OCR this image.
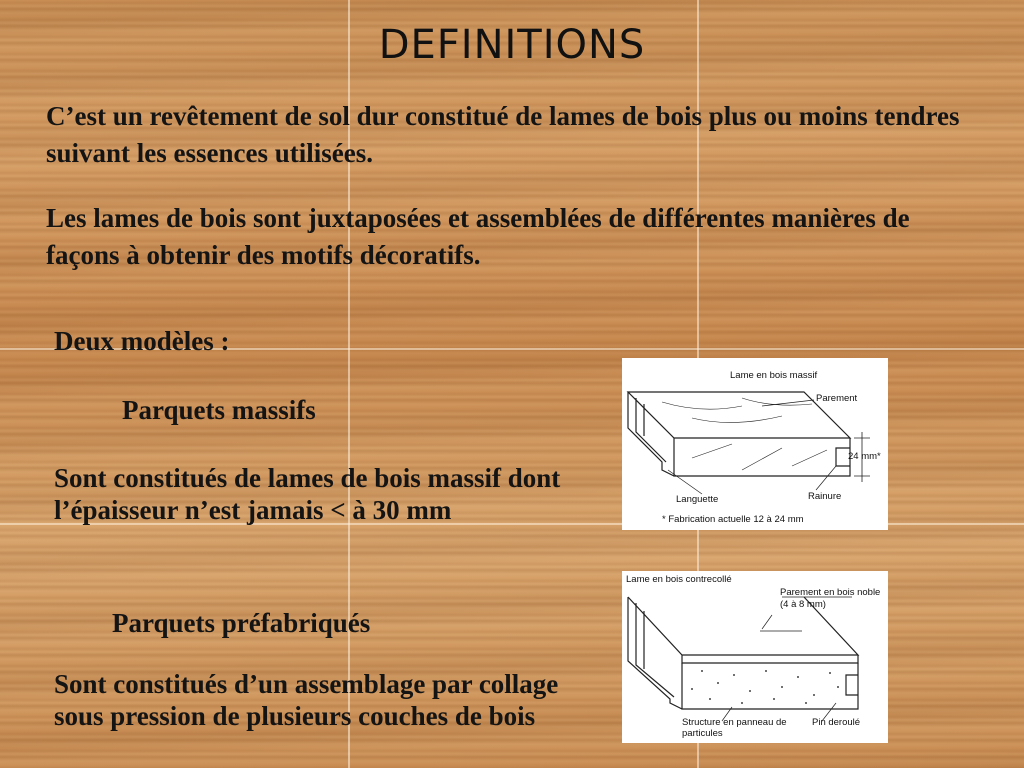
DEFINITIONS

C’est un revêtement de sol dur constitué de lames de bois plus ou moins tendres suivant les essences utilisées.

Les lames de bois sont juxtaposées et assemblées de différentes manières de façons à obtenir des motifs décoratifs.

Deux modèles :

Parquets massifs

Sont constitués de lames de bois massif dont l’épaisseur n’est jamais < à 30 mm

Parquets préfabriqués

Sont constitués d’un assemblage par collage sous pression de plusieurs couches de bois

Lame en bois massif
Parement
24 mm*
Languette	Rainure
* Fabrication actuelle 12 à 24 mm
Lame en bois contrecollé
Parement en bois noble
(4 à 8 mm)
Structure en panneau de
particules
Pin deroulé
